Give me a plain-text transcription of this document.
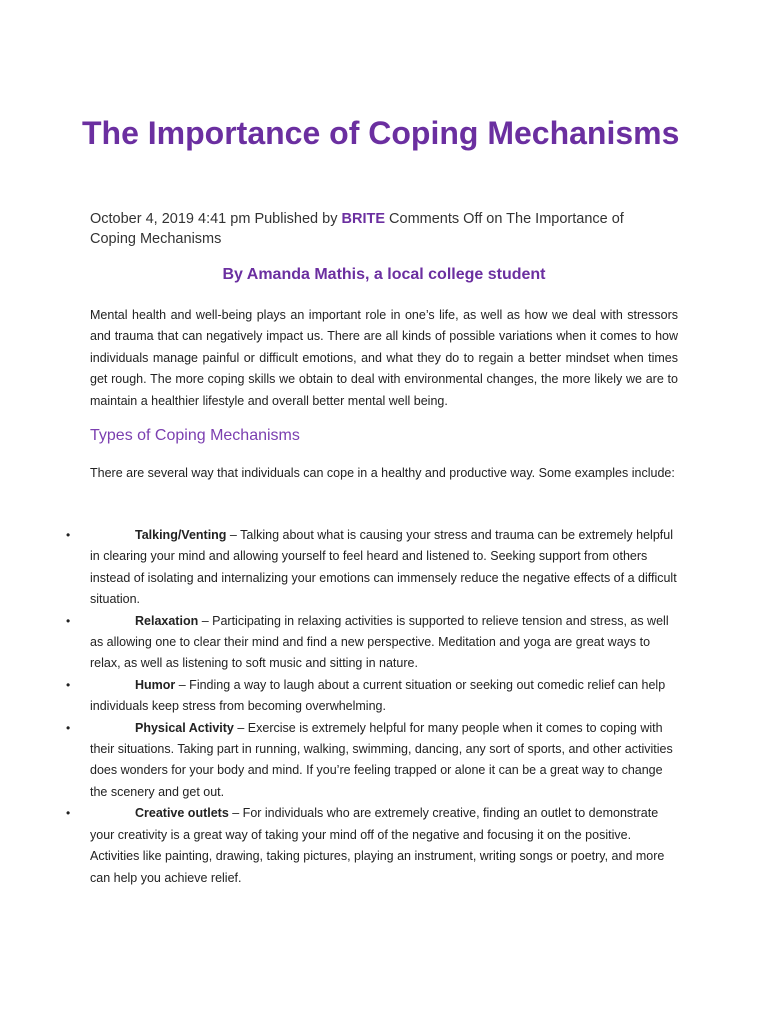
The Importance of Coping Mechanisms

October 4, 2019 4:41 pm Published by BRITE Comments Off on The Importance of Coping Mechanisms

By Amanda Mathis, a local college student

Mental health and well-being plays an important role in one’s life, as well as how we deal with stressors and trauma that can negatively impact us. There are all kinds of possible variations when it comes to how individuals manage painful or difficult emotions, and what they do to regain a better mindset when times get rough. The more coping skills we obtain to deal with environmental changes, the more likely we are to maintain a healthier lifestyle and overall better mental well being.

Types of Coping Mechanisms

There are several way that individuals can cope in a healthy and productive way. Some examples include:

•	Talking/Venting – Talking about what is causing your stress and trauma can be extremely helpful in clearing your mind and allowing yourself to feel heard and listened to. Seeking support from others instead of isolating and internalizing your emotions can immensely reduce the negative effects of a difficult situation.

•	Relaxation – Participating in relaxing activities is supported to relieve tension and stress, as well as allowing one to clear their mind and find a new perspective. Meditation and yoga are great ways to relax, as well as listening to soft music and sitting in nature.

•	Humor – Finding a way to laugh about a current situation or seeking out comedic relief can help individuals keep stress from becoming overwhelming.

•	Physical Activity – Exercise is extremely helpful for many people when it comes to coping with their situations. Taking part in running, walking, swimming, dancing, any sort of sports, and other activities does wonders for your body and mind. If you’re feeling trapped or alone it can be a great way to change the scenery and get out.

•	Creative outlets – For individuals who are extremely creative, finding an outlet to demonstrate your creativity is a great way of taking your mind off of the negative and focusing it on the positive. Activities like painting, drawing, taking pictures, playing an instrument, writing songs or poetry, and more can help you achieve relief.
